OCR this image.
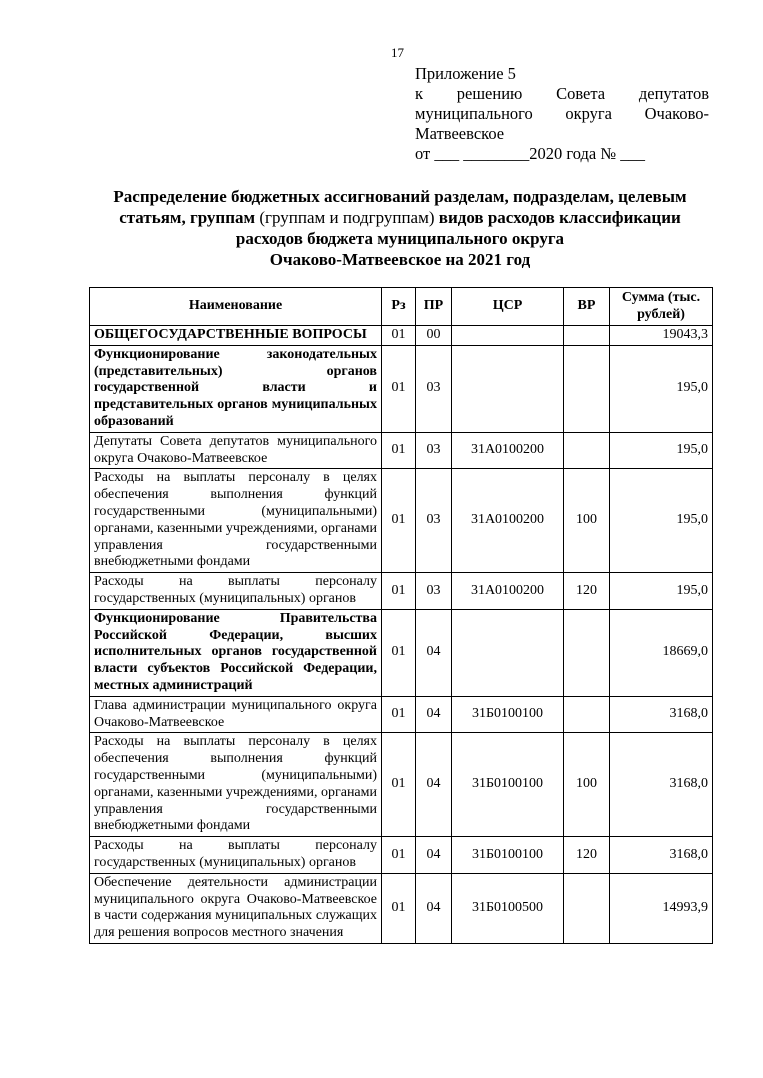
17
Приложение 5
к решению Совета депутатов
муниципального округа Очаково-
Матвеевское
от ___ ________2020 года № ___
Распределение бюджетных ассигнований разделам, подразделам, целевым статьям, группам (группам и подгруппам) видов расходов классификации расходов бюджета муниципального округа
Очаково-Матвеевское на 2021 год
Наименование	Рз	ПР	ЦСР	ВР	Сумма (тыс. рублей)
ОБЩЕГОСУДАРСТВЕННЫЕ ВОПРОСЫ	01	00			19043,3
Функционирование законодательных (представительных) органов государственной власти и представительных органов муниципальных образований	01	03			195,0
Депутаты Совета депутатов муниципального округа Очаково-Матвеевское	01	03	31А0100200		195,0
Расходы на выплаты персоналу в целях обеспечения выполнения функций государственными (муниципальными) органами, казенными учреждениями, органами управления государственными внебюджетными фондами	01	03	31А0100200	100	195,0
Расходы на выплаты персоналу государственных (муниципальных) органов	01	03	31А0100200	120	195,0
Функционирование Правительства Российской Федерации, высших исполнительных органов государственной власти субъектов Российской Федерации, местных администраций	01	04			18669,0
Глава администрации муниципального округа Очаково-Матвеевское	01	04	31Б0100100		3168,0
Расходы на выплаты персоналу в целях обеспечения выполнения функций государственными (муниципальными) органами, казенными учреждениями, органами управления государственными внебюджетными фондами	01	04	31Б0100100	100	3168,0
Расходы на выплаты персоналу государственных (муниципальных) органов	01	04	31Б0100100	120	3168,0
Обеспечение деятельности администрации муниципального округа Очаково-Матвеевское в части содержания муниципальных служащих для решения вопросов местного значения	01	04	31Б0100500		14993,9
